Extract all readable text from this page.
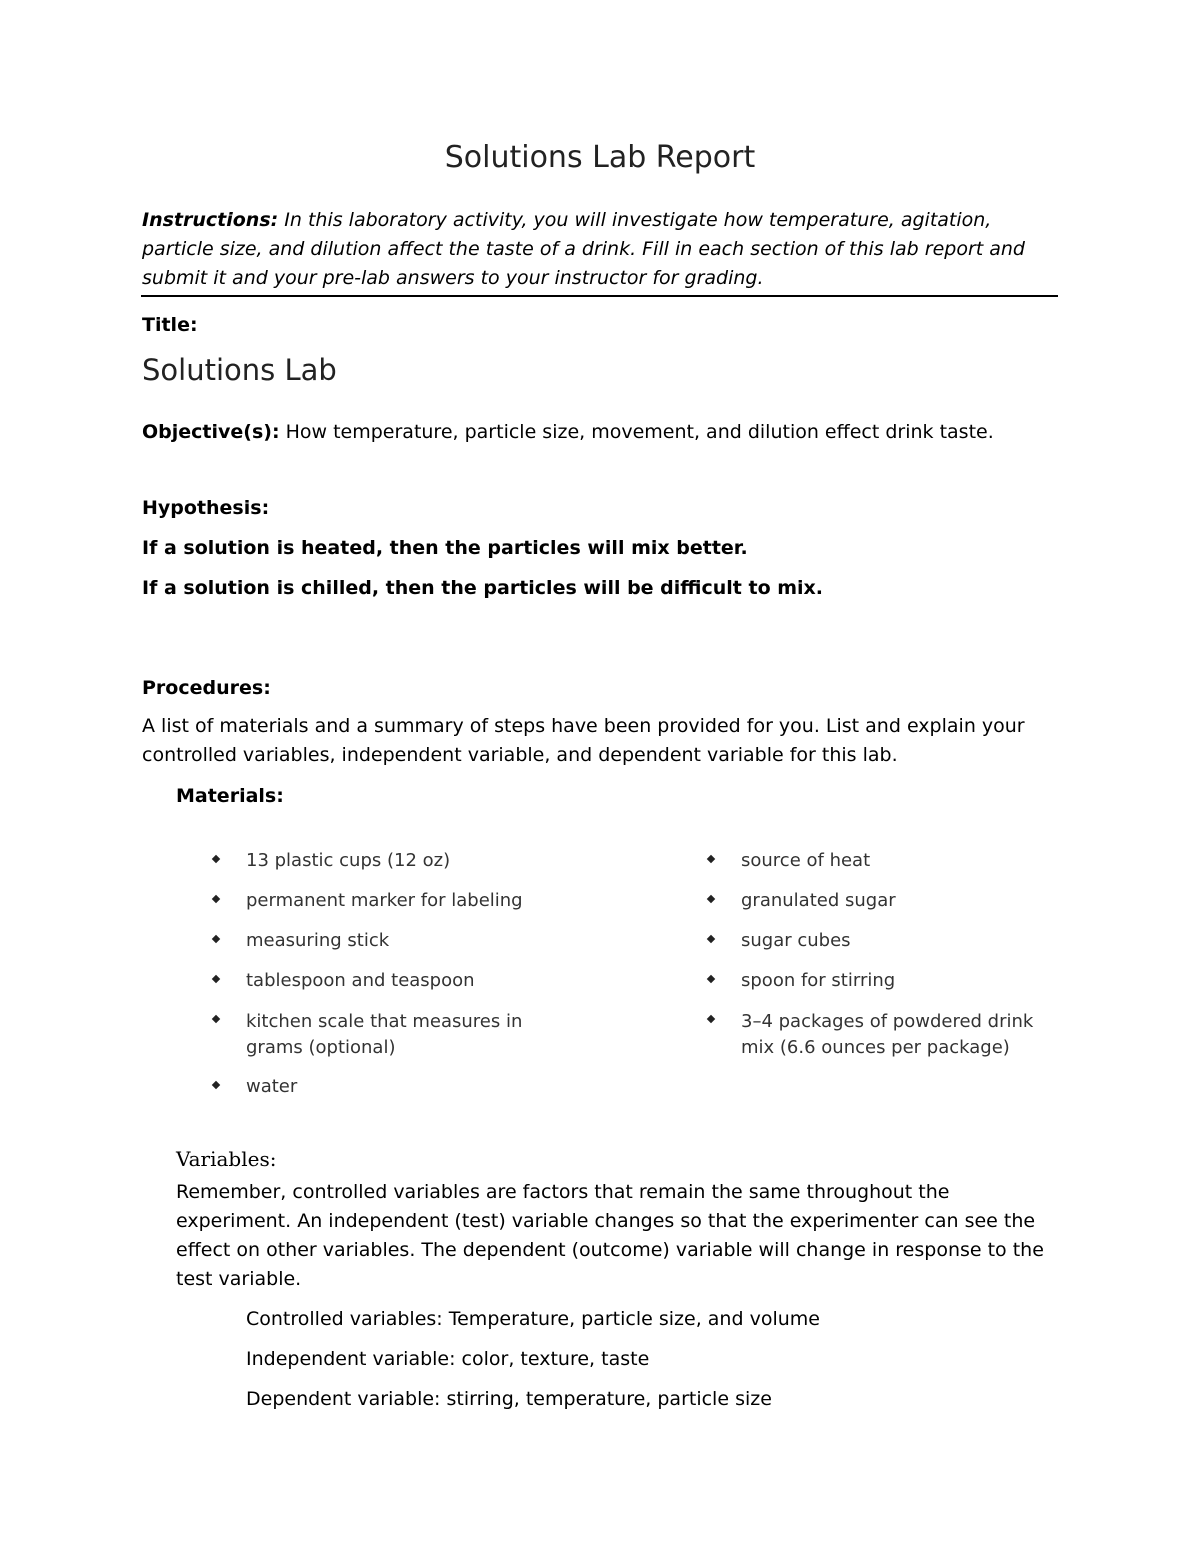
Solutions Lab Report
Instructions: In this laboratory activity, you will investigate how temperature, agitation, particle size, and dilution affect the taste of a drink. Fill in each section of this lab report and submit it and your pre-lab answers to your instructor for grading.
Title:
Solutions Lab
Objective(s): How temperature, particle size, movement, and dilution effect drink taste.
Hypothesis:
If a solution is heated, then the particles will mix better.
If a solution is chilled, then the particles will be difficult to mix.
Procedures:
A list of materials and a summary of steps have been provided for you. List and explain your controlled variables, independent variable, and dependent variable for this lab.
Materials:
13 plastic cups (12 oz)
permanent marker for labeling
measuring stick
tablespoon and teaspoon
kitchen scale that measures in grams (optional)
water
source of heat
granulated sugar
sugar cubes
spoon for stirring
3–4 packages of powdered drink mix (6.6 ounces per package)
Variables:
Remember, controlled variables are factors that remain the same throughout the experiment. An independent (test) variable changes so that the experimenter can see the effect on other variables. The dependent (outcome) variable will change in response to the test variable.
Controlled variables: Temperature, particle size, and volume
Independent variable: color, texture, taste
Dependent variable: stirring, temperature, particle size
